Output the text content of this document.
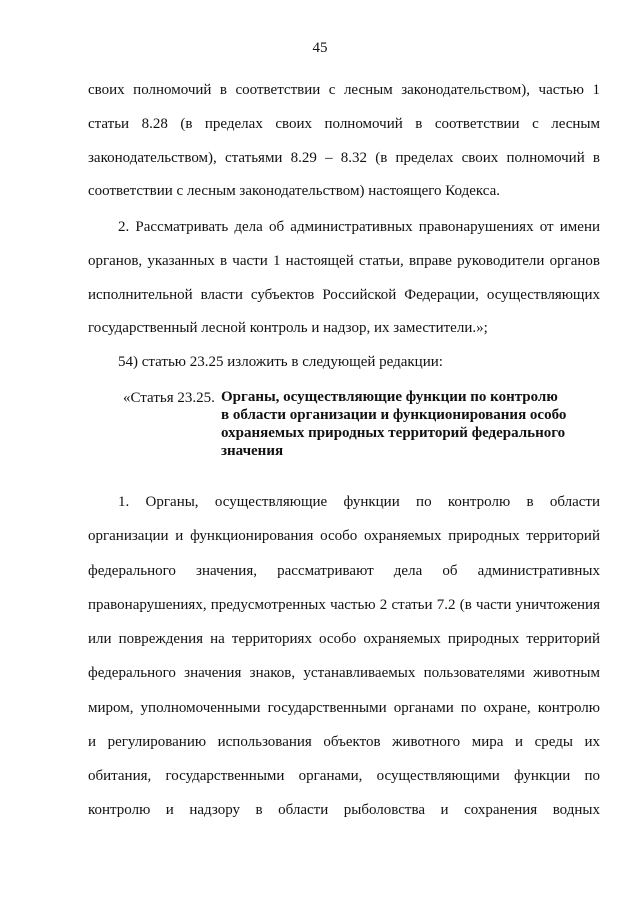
45
своих полномочий в соответствии с лесным законодательством), частью 1
статьи 8.28 (в пределах своих полномочий в соответствии с лесным
законодательством), статьями 8.29 – 8.32 (в пределах своих полномочий в
соответствии с лесным законодательством) настоящего Кодекса.
2. Рассматривать дела об административных правонарушениях от имени
органов, указанных в части 1 настоящей статьи, вправе руководители органов
исполнительной власти субъектов Российской Федерации, осуществляющих
государственный лесной контроль и надзор, их заместители.»;
54) статью 23.25 изложить в следующей редакции:
«Статья 23.25. Органы, осуществляющие функции по контролю
в области организации и функционирования особо
охраняемых природных территорий федерального
значения
1. Органы, осуществляющие функции по контролю в области
организации и функционирования особо охраняемых природных территорий
федерального значения, рассматривают дела об административных
правонарушениях, предусмотренных частью 2 статьи 7.2 (в части уничтожения
или повреждения на территориях особо охраняемых природных территорий
федерального значения знаков, устанавливаемых пользователями животным
миром, уполномоченными государственными органами по охране, контролю
и регулированию использования объектов животного мира и среды их
обитания, государственными органами, осуществляющими функции по
контролю и надзору в области рыболовства и сохранения водных
